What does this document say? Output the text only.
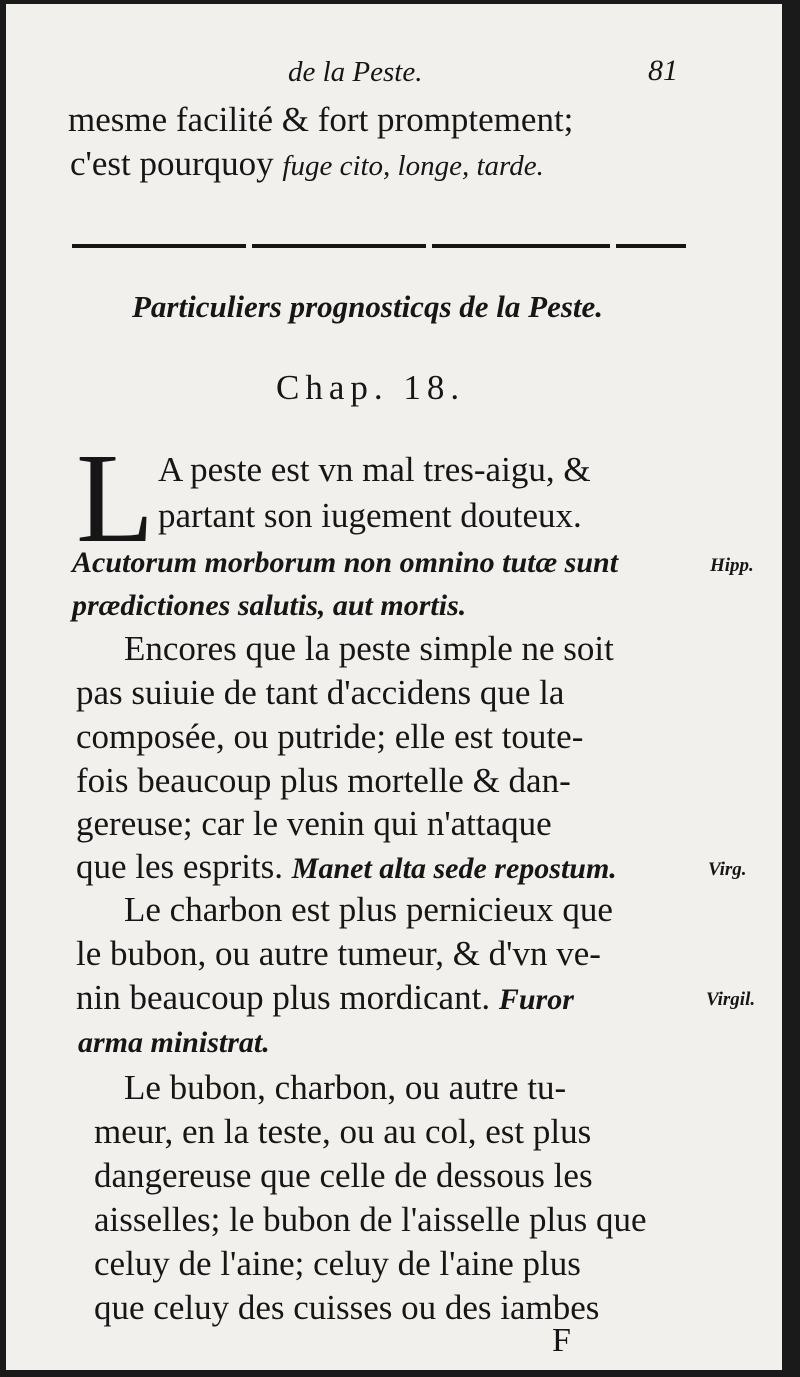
de la Peste.	81
mesme facilité & fort promptement;
c'est pourquoy fuge cito, longe, tarde.
Particuliers prognosticqs de la Peste.
Chap. 18.
L A peste est vn mal tres-aigu, &
partant son iugement douteux.
Acutorum morborum non omnino tutæ sunt	Hipp.
prædictiones salutis, aut mortis.
Encores que la peste simple ne soit
pas suiuie de tant d'accidens que la
composée, ou putride; elle est toute-
fois beaucoup plus mortelle & dan-
gereuse; car le venin qui n'attaque
que les esprits. Manet alta sede repostum.	Virg.
Le charbon est plus pernicieux que
le bubon, ou autre tumeur, & d'vn ve-
nin beaucoup plus mordicant. Furor	Virgil.
arma ministrat.
Le bubon, charbon, ou autre tu-
meur, en la teste, ou au col, est plus
dangereuse que celle de dessous les
aisselles; le bubon de l'aisselle plus que
celuy de l'aine; celuy de l'aine plus
que celuy des cuisses ou des iambes
F
